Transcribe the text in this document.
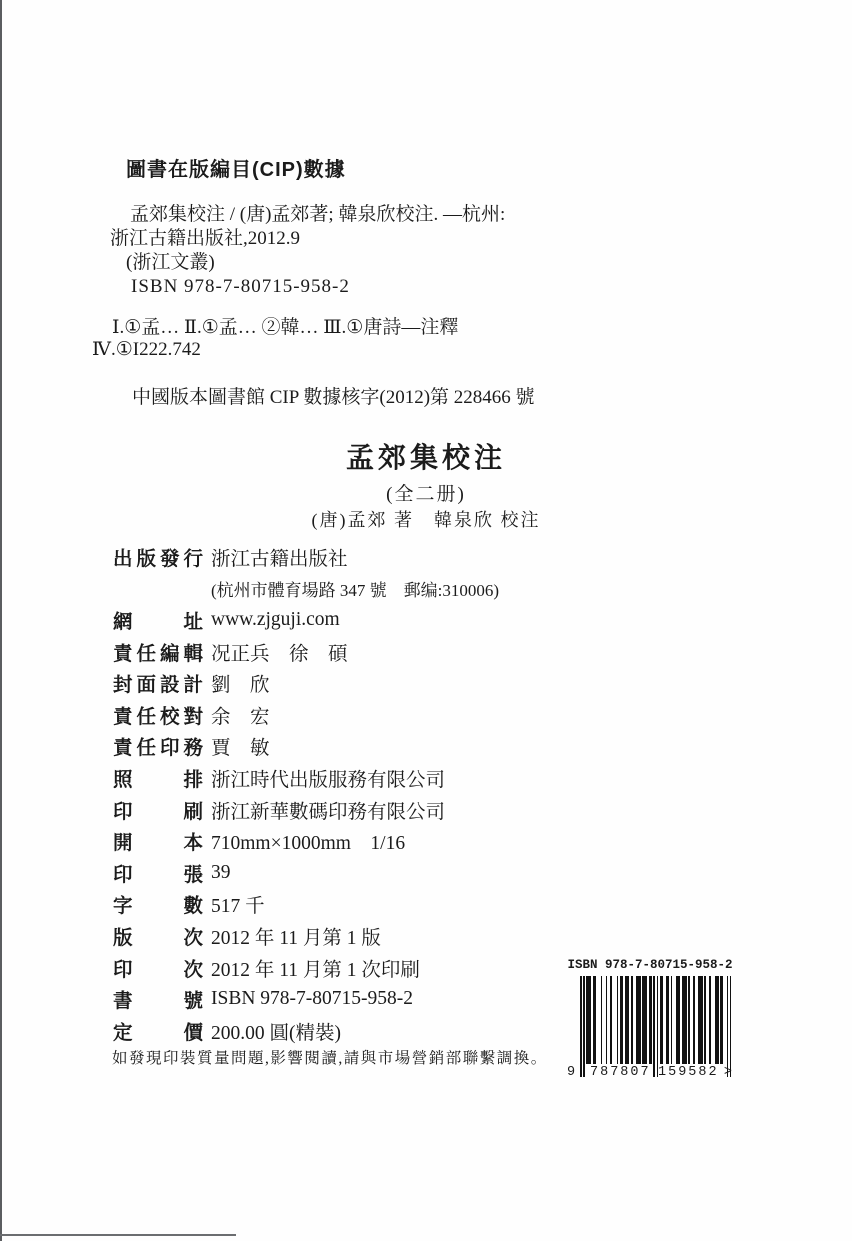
圖書在版編目(CIP)數據
孟郊集校注 / (唐)孟郊著; 韓泉欣校注. —杭州:
浙江古籍出版社,2012.9
(浙江文叢)
ISBN 978-7-80715-958-2
Ⅰ.①孟… Ⅱ.①孟… ②韓… Ⅲ.①唐詩—注釋
Ⅳ.①I222.742
中國版本圖書館 CIP 數據核字(2012)第 228466 號
孟郊集校注
(全二册)
(唐)孟郊 著　韓泉欣 校注
出 版 發 行 浙江古籍出版社
(杭州市體育場路 347 號　郵编:310006)
網	址 www.zjguji.com
責 任 編 輯 况正兵　徐　碩
封 面 設 計 劉　欣
責 任 校 對 余　宏
責 任 印 務 賈　敏
照	排 浙江時代出版服務有限公司
印	刷 浙江新華數碼印務有限公司
開	本 710mm×1000mm　1/16
印	張 39
字	數 517 千
版	次 2012 年 11 月第 1 版
印	次 2012 年 11 月第 1 次印刷
書	號 ISBN 978-7-80715-958-2
定	價 200.00 圓(精裝)
如發現印裝質量問題,影響閱讀,請與市場營銷部聯繫調換。
ISBN 978-7-80715-958-2
9 787807 159582 >
